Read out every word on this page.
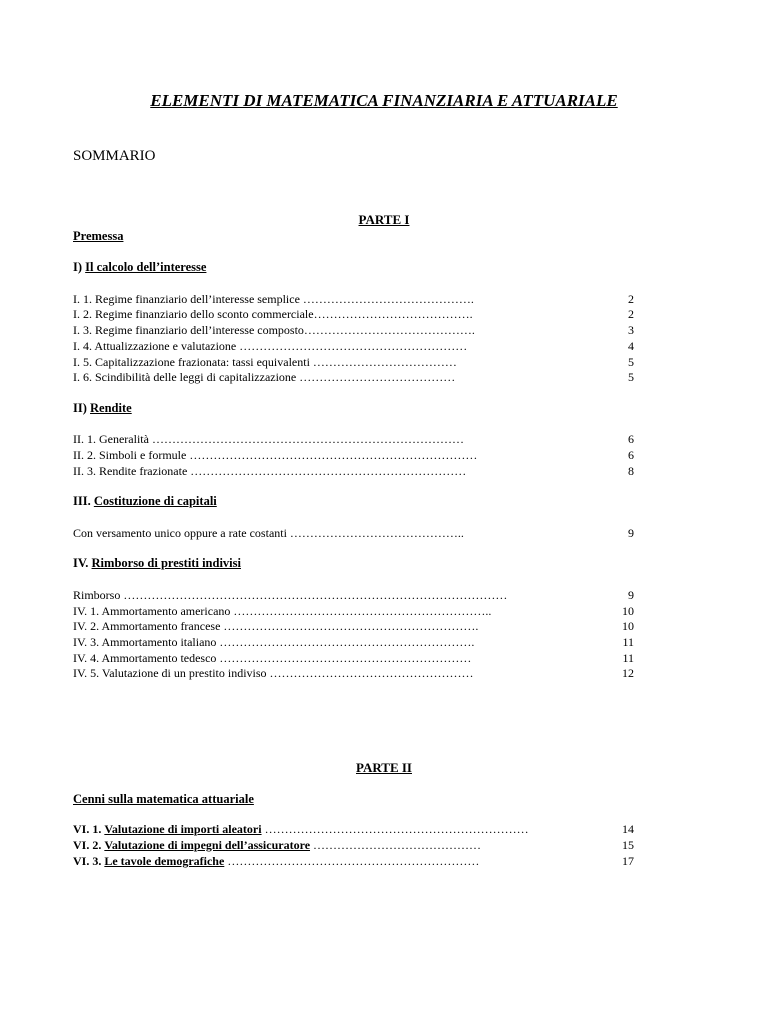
ELEMENTI DI MATEMATICA FINANZIARIA E ATTUARIALE
SOMMARIO
PARTE I
Premessa
I) Il calcolo dell’interesse
I. 1. Regime finanziario dell’interesse semplice …………………………………….	2
I. 2. Regime finanziario dello sconto commerciale………………………………….	2
I. 3. Regime finanziario dell’interesse composto…………………………………….	3
I. 4. Attualizzazione e valutazione …………………………………………………	4
I. 5. Capitalizzazione frazionata: tassi equivalenti ………………………………	5
I. 6. Scindibilità delle leggi di capitalizzazione …………………………………	5
II) Rendite
II. 1. Generalità ……………………………………………………………………	6
II. 2. Simboli e formule ………………………………………………………………	6
II. 3. Rendite frazionate ……………………………………………………………	8
III. Costituzione di capitali
Con versamento unico oppure a rate costanti ……………………………………..	9
IV. Rimborso di prestiti indivisi
Rimborso ……………………………………………………………………………………	9
IV. 1. Ammortamento americano ………………………………………………………..	10
IV. 2. Ammortamento francese ……………………………………………………….	10
IV. 3. Ammortamento italiano ……………………………………………………….	11
IV. 4. Ammortamento tedesco ………………………………………………………	11
IV. 5. Valutazione di un prestito indiviso ……………………………………………	12
PARTE II
Cenni sulla matematica attuariale
VI. 1. Valutazione di importi aleatori …………………………………………………………	14
VI. 2. Valutazione di impegni dell’assicuratore ……………………………………	15
VI. 3. Le tavole demografiche ………………………………………………………	17
